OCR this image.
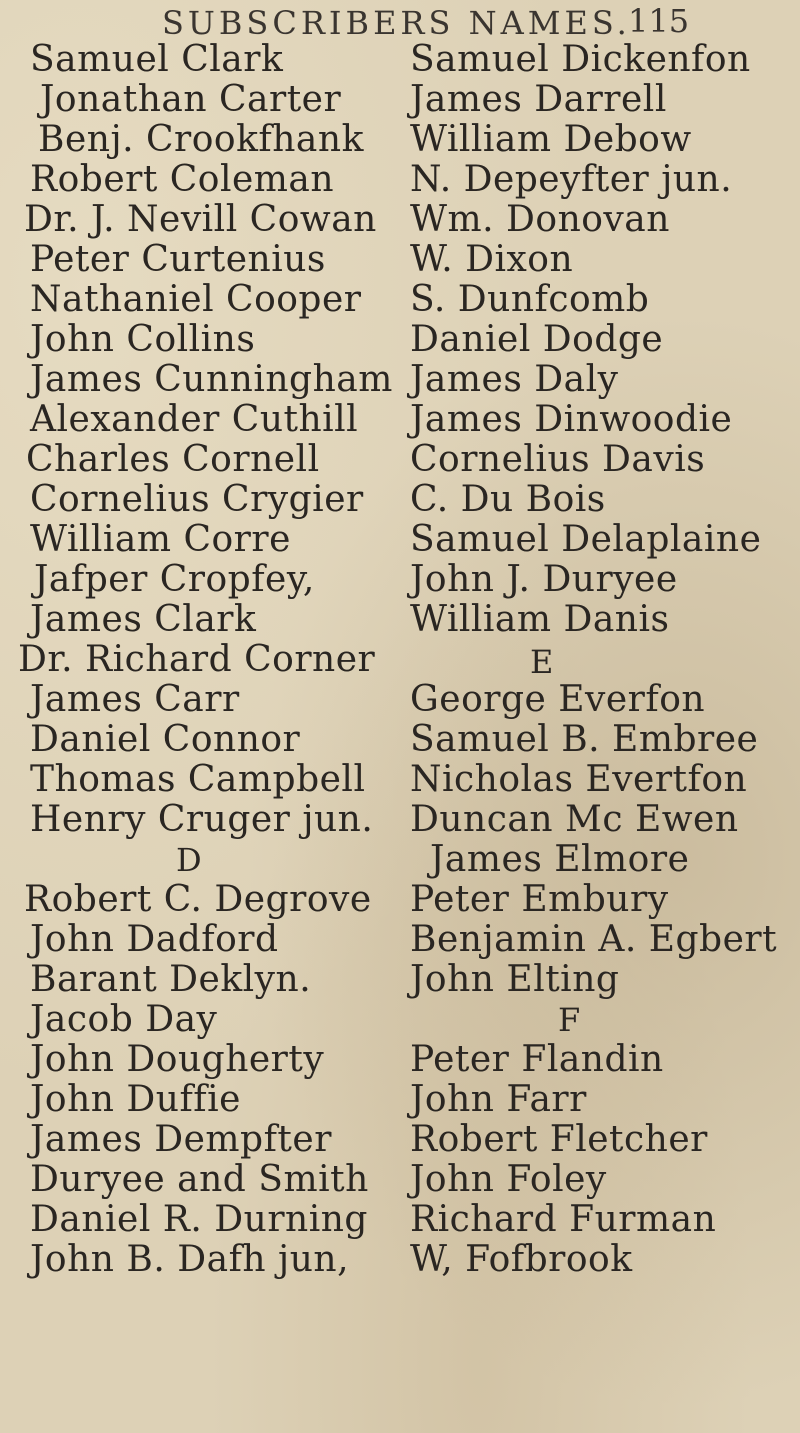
SUBSCRIBERS NAMES.
115
Samuel Clark
Jonathan Carter
Benj. Crookfhank
Robert Coleman
Dr. J. Nevill Cowan
Peter Curtenius
Nathaniel Cooper
John Collins
James Cunningham
Alexander Cuthill
Charles Cornell
Cornelius Crygier
William Corre
Jafper Cropfey,
James Clark
Dr. Richard Corner
James Carr
Daniel Connor
Thomas Campbell
Henry Cruger jun.
D
Robert C. Degrove
John Dadford
Barant Deklyn.
Jacob Day
John Dougherty
John Duffie
James Dempfter
Duryee and Smith
Daniel R. Durning
John B. Dafh jun,
Samuel Dickenfon
James Darrell
William Debow
N. Depeyfter jun.
Wm. Donovan
W. Dixon
S. Dunfcomb
Daniel Dodge
James Daly
James Dinwoodie
Cornelius Davis
C. Du Bois
Samuel Delaplaine
John J. Duryee
William Danis
E
George Everfon
Samuel B. Embree
Nicholas Evertfon
Duncan Mc Ewen
James Elmore
Peter Embury
Benjamin A. Egbert
John Elting
F
Peter Flandin
John Farr
Robert Fletcher
John Foley
Richard Furman
W, Fofbrook
